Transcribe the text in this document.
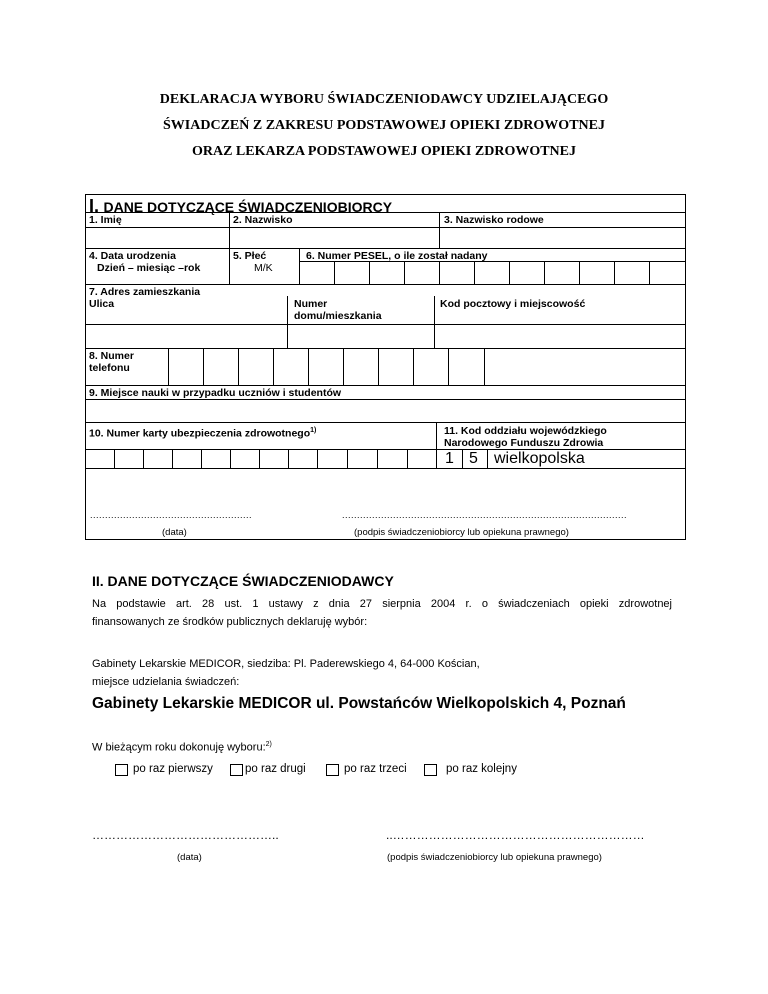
DEKLARACJA WYBORU ŚWIADCZENIODAWCY UDZIELAJĄCEGO
ŚWIADCZEŃ Z ZAKRESU PODSTAWOWEJ OPIEKI ZDROWOTNEJ
ORAZ LEKARZA PODSTAWOWEJ OPIEKI ZDROWOTNEJ
I. DANE DOTYCZĄCE ŚWIADCZENIOBIORCY
1. Imię	2. Nazwisko	3. Nazwisko rodowe
4. Data urodzenia
Dzień – miesiąc –rok
5. Płeć
M/K
6. Numer PESEL, o ile został nadany
7. Adres zamieszkania
Ulica	Numer domu/mieszkania
Kod pocztowy i miejscowość
8. Numer telefonu
9. Miejsce nauki w przypadku uczniów i studentów
10. Numer karty ubezpieczenia zdrowotnego$^{1)}$	11. Kod oddziału wojewódzkiego
Narodowego Funduszu Zdrowia
1 5 wielkopolska
......................................................	...............................................................................................
(data)	(podpis świadczeniobiorcy lub opiekuna prawnego)
II. DANE DOTYCZĄCE ŚWIADCZENIODAWCY
Na podstawie art. 28 ust. 1 ustawy z dnia 27 sierpnia 2004 r. o świadczeniach opieki zdrowotnej
finansowanych ze środków publicznych deklaruję wybór:
Gabinety Lekarskie MEDICOR, siedziba: Pl. Paderewskiego 4, 64-000 Kościan,
miejsce udzielania świadczeń:
Gabinety Lekarskie MEDICOR ul. Powstańców Wielkopolskich 4, Poznań
W bieżącym roku dokonuję wyboru:$^{2)}$
po raz pierwszy	po raz drugi	po raz trzeci	po raz kolejny
………………………………………..	..………………………………………………………
(data)	(podpis świadczeniobiorcy lub opiekuna prawnego)
